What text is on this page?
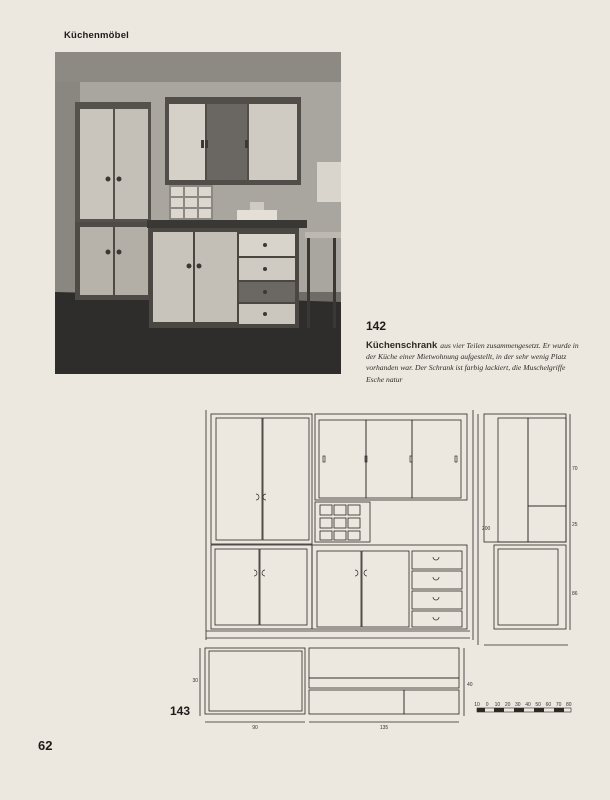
Küchenmöbel
142
Küchenschrank aus vier Teilen zusammengesetzt. Er wurde in der Küche einer Mietwohnung aufgestellt, in der sehr wenig Platz vorhanden war. Der Schrank ist farbig lackiert, die Muschelgriffe Esche natur
90	135
200
70
25
86
30
40
10 0 10 20 30 40 50 60 70 80
143
62
